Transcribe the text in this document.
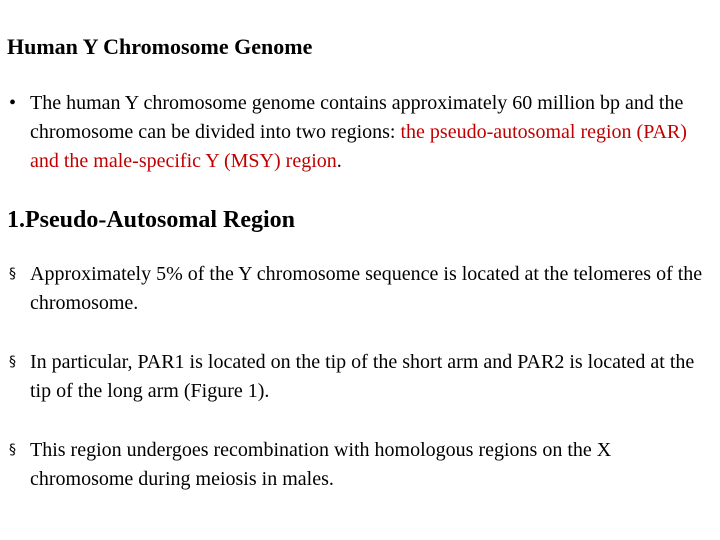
Human Y Chromosome Genome

• The human Y chromosome genome contains approximately 60 million bp and the chromosome can be divided into two regions: the pseudo-autosomal region (PAR) and the male-specific Y (MSY) region.

1.Pseudo-Autosomal Region

§ Approximately 5% of the Y chromosome sequence is located at the telomeres of the chromosome.

§ In particular, PAR1 is located on the tip of the short arm and PAR2 is located at the tip of the long arm (Figure 1).

§ This region undergoes recombination with homologous regions on the X chromosome during meiosis in males.
